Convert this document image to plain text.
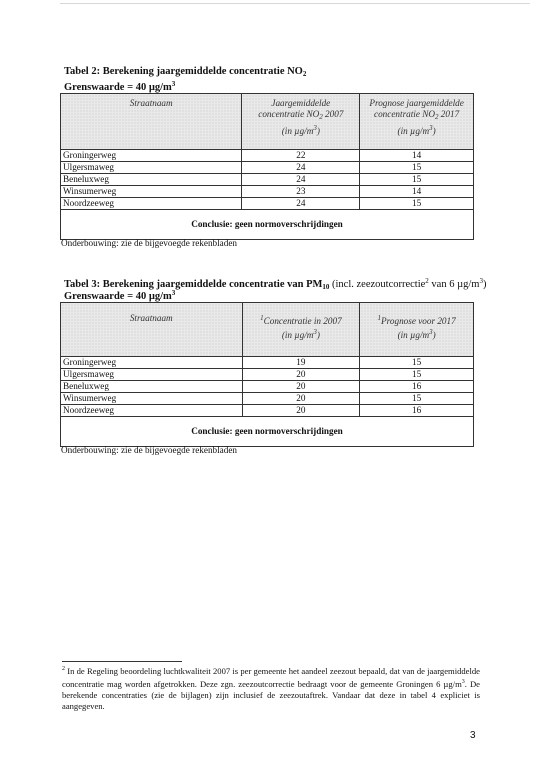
Tabel 2: Berekening jaargemiddelde concentratie $NO_2$
Grenswaarde = 40 $\mu g/m^3$
Straatnaam	Jaargemiddelde
concentratie $NO_2$ 2007
(in $\mu g/m^3$)	Prognose jaargemiddelde
concentratie $NO_2$ 2017
(in $\mu g/m^3$)
Groningerweg	22	14
Ulgersmaweg	24	15
Beneluxweg	24	15
Winsumerweg	23	14
Noordzeeweg	24	15
Conclusie: geen normoverschrijdingen		
Onderbouwing: zie de bijgevoegde rekenbladen
Tabel 3: Berekening jaargemiddelde concentratie van $PM_{10}$ (incl. zeezoutcorrectie$^2$ van 6 $\mu g/m^3$)
Grenswaarde = 40 $\mu g/m^3$
Straatnaam	$^1$Concentratie in 2007
(in $\mu g/m^3$)	$^1$Prognose voor 2017
(in $\mu g/m^3$)
Groningerweg	19	15
Ulgersmaweg	20	15
Beneluxweg	20	16
Winsumerweg	20	15
Noordzeeweg	20	16
Conclusie: geen normoverschrijdingen		
Onderbouwing: zie de bijgevoegde rekenbladen
$^2$ In de Regeling beoordeling luchtkwaliteit 2007 is per gemeente het aandeel zeezout bepaald, dat van de jaargemiddelde concentratie mag worden afgetrokken. Deze zgn. zeezoutcorrectie bedraagt voor de gemeente Groningen 6 $\mu g/m^3$. De berekende concentraties (zie de bijlagen) zijn inclusief de zeezoutaftrek. Vandaar dat deze in tabel 4 expliciet is aangegeven.
3
